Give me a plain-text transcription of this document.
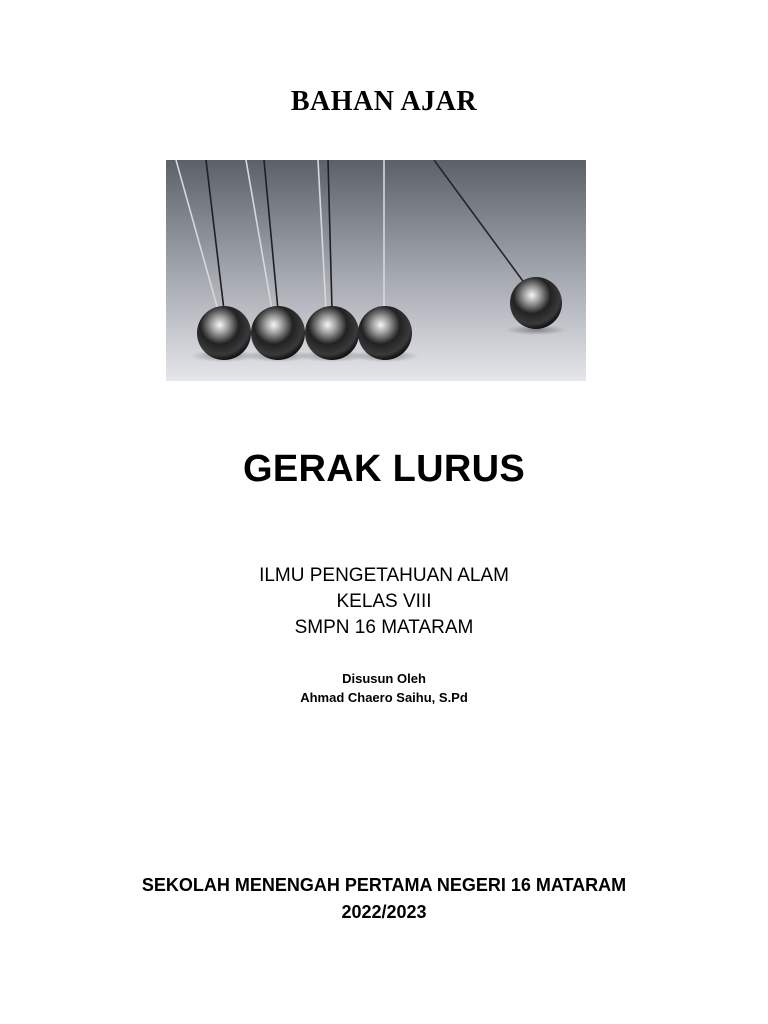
BAHAN AJAR
GERAK LURUS
ILMU PENGETAHUAN ALAM
KELAS VIII
SMPN 16 MATARAM
Disusun Oleh
Ahmad Chaero Saihu, S.Pd
SEKOLAH MENENGAH PERTAMA NEGERI 16 MATARAM
2022/2023
